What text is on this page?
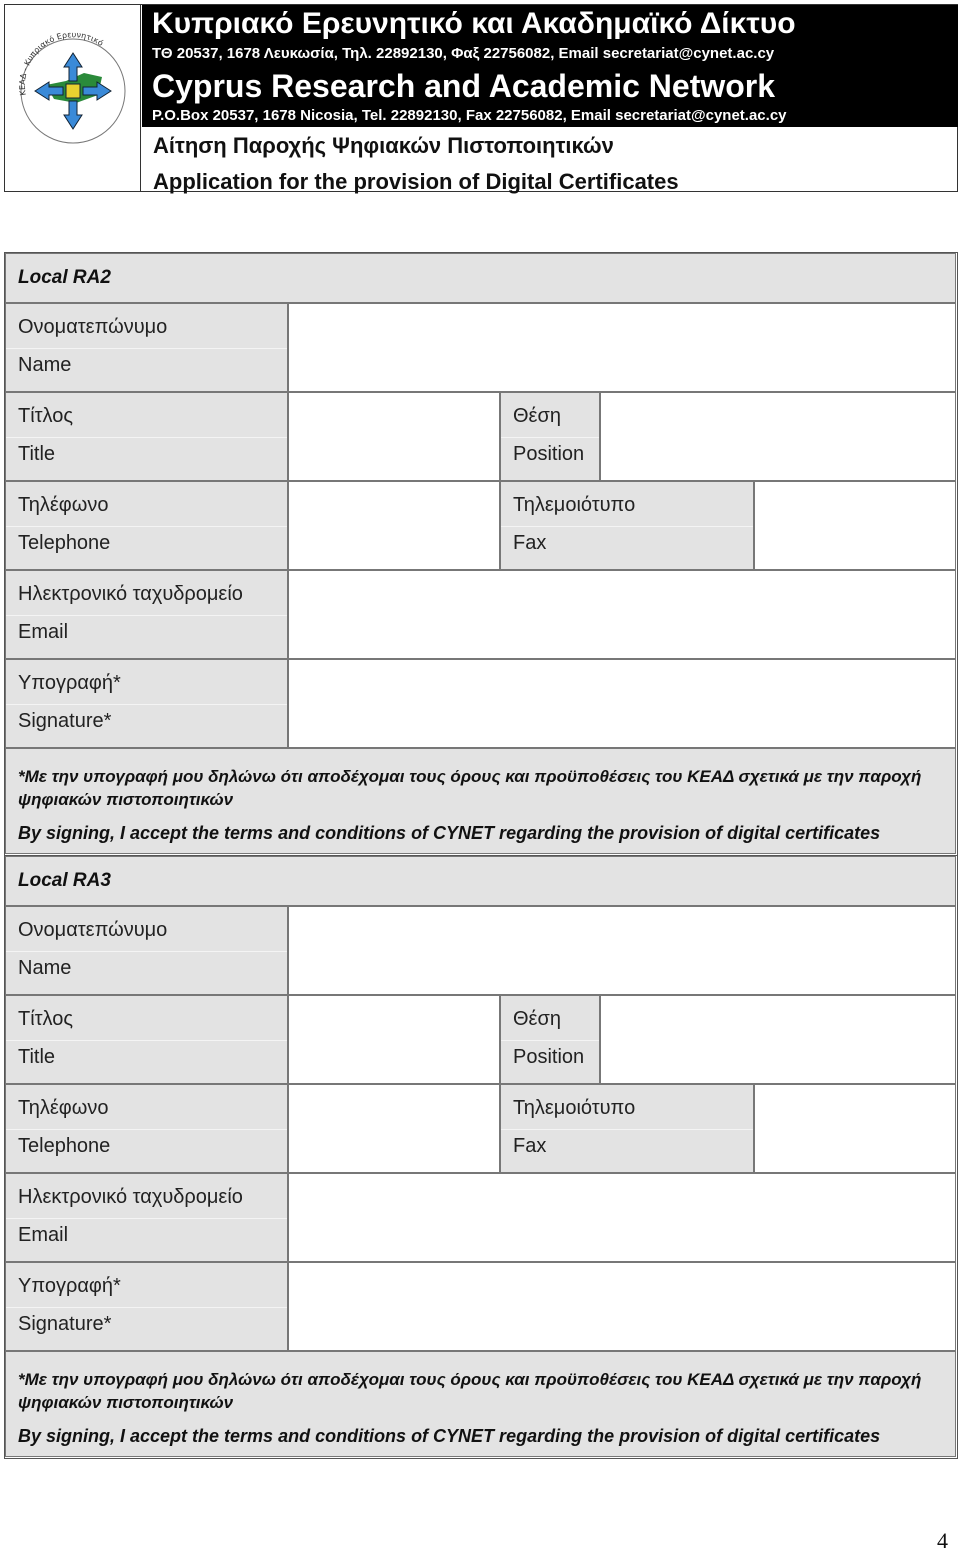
ΚΕΑΔ - Κυπριακό Ερευνητικό
Κυπριακό Ερευνητικό και Ακαδημαϊκό Δίκτυο
ΤΘ 20537, 1678 Λευκωσία, Τηλ. 22892130, Φαξ 22756082, Email secretariat@cynet.ac.cy
Cyprus Research and Academic Network
P.O.Box 20537, 1678 Nicosia, Tel. 22892130, Fax 22756082, Email secretariat@cynet.ac.cy
Αίτηση Παροχής Ψηφιακών Πιστοποιητικών
Application for the provision of Digital Certificates
Local RA2
Ονοματεπώνυμο
Name
Τίτλος
Title
Θέση
Position
Τηλέφωνο
Telephone
Τηλεμοιότυπο
Fax
Ηλεκτρονικό ταχυδρομείο
Email
Υπογραφή*
Signature*
*Με την υπογραφή μου δηλώνω ότι αποδέχομαι τους όρους και προϋποθέσεις του ΚΕΑΔ σχετικά με την παροχή ψηφιακών πιστοποιητικών
By signing, I accept the terms and conditions of CYNET regarding the provision of digital certificates
Local RA3
Ονοματεπώνυμο
Name
Τίτλος
Title
Θέση
Position
Τηλέφωνο
Telephone
Τηλεμοιότυπο
Fax
Ηλεκτρονικό ταχυδρομείο
Email
Υπογραφή*
Signature*
*Με την υπογραφή μου δηλώνω ότι αποδέχομαι τους όρους και προϋποθέσεις του ΚΕΑΔ σχετικά με την παροχή ψηφιακών πιστοποιητικών
By signing, I accept the terms and conditions of CYNET regarding the provision of digital certificates
4
